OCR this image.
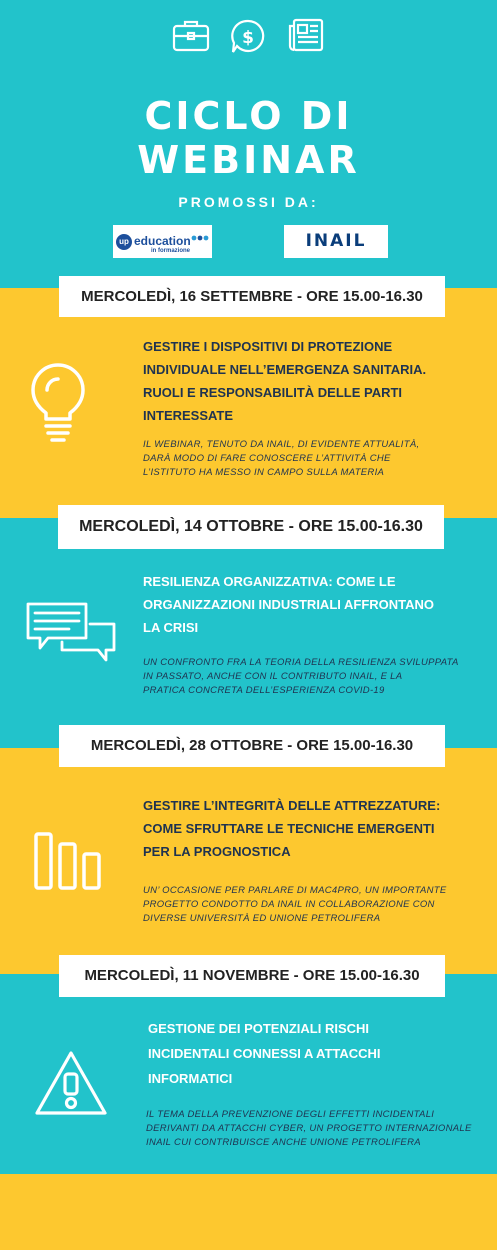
$
CICLO DI
WEBINAR
PROMOSSI DA:
up education
in formazione	INAIL
MERCOLEDÌ, 16 SETTEMBRE - ORE 15.00-16.30
GESTIRE I DISPOSITIVI DI PROTEZIONE
INDIVIDUALE NELL’EMERGENZA SANITARIA.
RUOLI E RESPONSABILITÀ DELLE PARTI
INTERESSATE
IL WEBINAR, TENUTO DA INAIL, DI EVIDENTE ATTUALITÀ,
DARÀ MODO DI FARE CONOSCERE L’ATTIVITÀ CHE
L’ISTITUTO HA MESSO IN CAMPO SULLA MATERIA
MERCOLEDÌ, 14 OTTOBRE - ORE 15.00-16.30
RESILIENZA ORGANIZZATIVA: COME LE
ORGANIZZAZIONI INDUSTRIALI AFFRONTANO
LA CRISI
UN CONFRONTO FRA LA TEORIA DELLA RESILIENZA SVILUPPATA
IN PASSATO, ANCHE CON IL CONTRIBUTO INAIL, E LA
PRATICA CONCRETA DELL’ESPERIENZA COVID-19
MERCOLEDÌ, 28 OTTOBRE - ORE 15.00-16.30
GESTIRE L’INTEGRITÀ DELLE ATTREZZATURE:
COME SFRUTTARE LE TECNICHE EMERGENTI
PER LA PROGNOSTICA
UN’ OCCASIONE PER PARLARE DI MAC4PRO, UN IMPORTANTE
PROGETTO CONDOTTO DA INAIL IN COLLABORAZIONE CON
DIVERSE UNIVERSITÀ ED UNIONE PETROLIFERA
MERCOLEDÌ, 11 NOVEMBRE - ORE 15.00-16.30
GESTIONE DEI POTENZIALI RISCHI
INCIDENTALI CONNESSI A ATTACCHI
INFORMATICI
IL TEMA DELLA PREVENZIONE DEGLI EFFETTI INCIDENTALI
DERIVANTI DA ATTACCHI CYBER, UN PROGETTO INTERNAZIONALE
INAIL CUI CONTRIBUISCE ANCHE UNIONE PETROLIFERA
